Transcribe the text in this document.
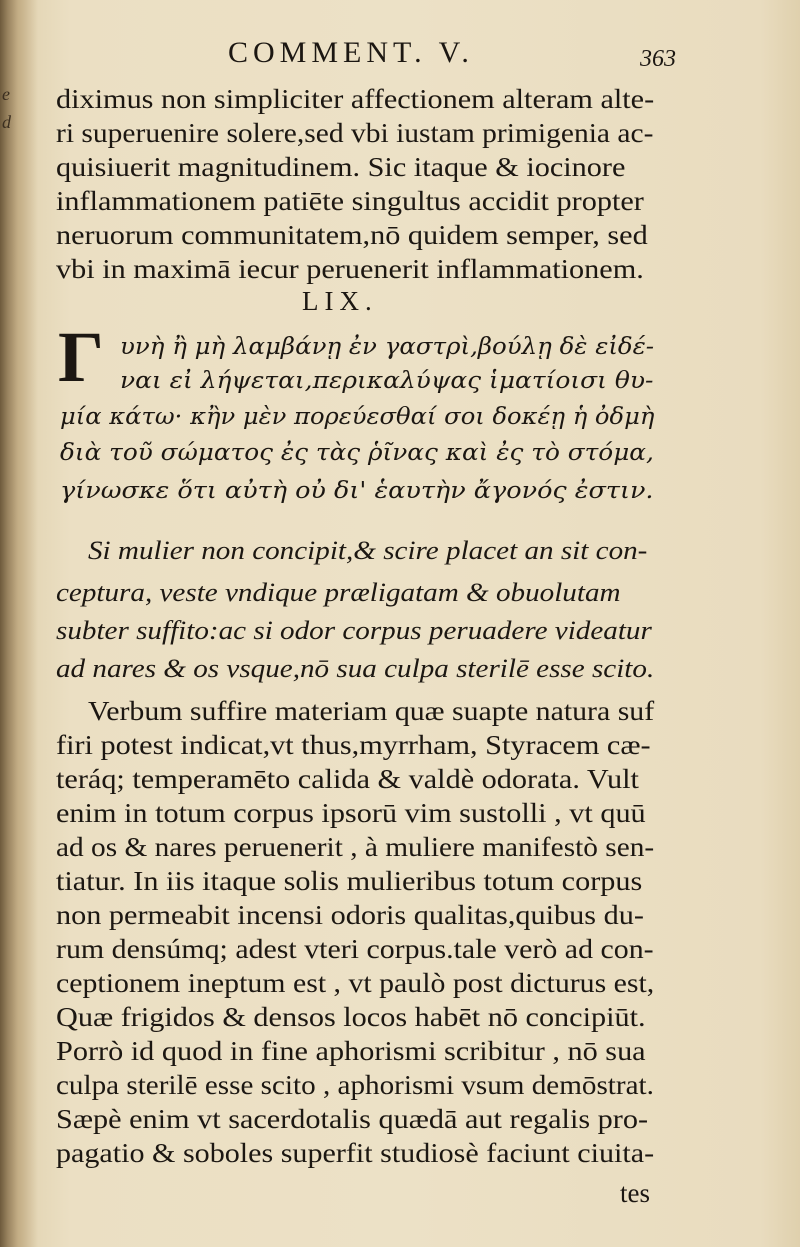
e
d
COMMENT. V.	363
diximus non simpliciter affectionem alteram alte-
ri superuenire solere,sed vbi iustam primigenia ac-
quisiuerit magnitudinem. Sic itaque & iocinore
inflammationem patiēte singultus accidit propter
neruorum communitatem,nō quidem semper, sed
vbi in maximā iecur peruenerit inflammationem.
LIX.
Γ υνὴ ἢ μὴ λαμβάνῃ ἐν γαστρὶ,βούλῃ δὲ εἰδέ-
ναι εἰ λήψεται,περικαλύψας ἱματίοισι θυ-
μία κάτω· κἢν μὲν πορεύεσθαί σοι δοκέῃ ἡ ὀδμὴ
διὰ τοῦ σώματος ἐς τὰς ῥῖνας καὶ ἐς τὸ στόμα,
γίνωσκε ὅτι αὐτὴ οὐ δι' ἑαυτὴν ἄγονός ἐστιν.
Si mulier non concipit,& scire placet an sit con-
ceptura, veste vndique præligatam & obuolutam
subter suffito:ac si odor corpus peruadere videatur
ad nares & os vsque,nō sua culpa sterilē esse scito.
Verbum suffire materiam quæ suapte natura suf
firi potest indicat,vt thus,myrrham, Styracem cæ-
teráq; temperamēto calida & valdè odorata. Vult
enim in totum corpus ipsorū vim sustolli , vt quū
ad os & nares peruenerit , à muliere manifestò sen-
tiatur. In iis itaque solis mulieribus totum corpus
non permeabit incensi odoris qualitas,quibus du-
rum densúmq; adest vteri corpus.tale verò ad con-
ceptionem ineptum est , vt paulò post dicturus est,
Quæ frigidos & densos locos habēt nō concipiūt.
Porrò id quod in fine aphorismi scribitur , nō sua
culpa sterilē esse scito , aphorismi vsum demōstrat.
Sæpè enim vt sacerdotalis quædā aut regalis pro-
pagatio & soboles superfit studiosè faciunt ciuita-
tes
